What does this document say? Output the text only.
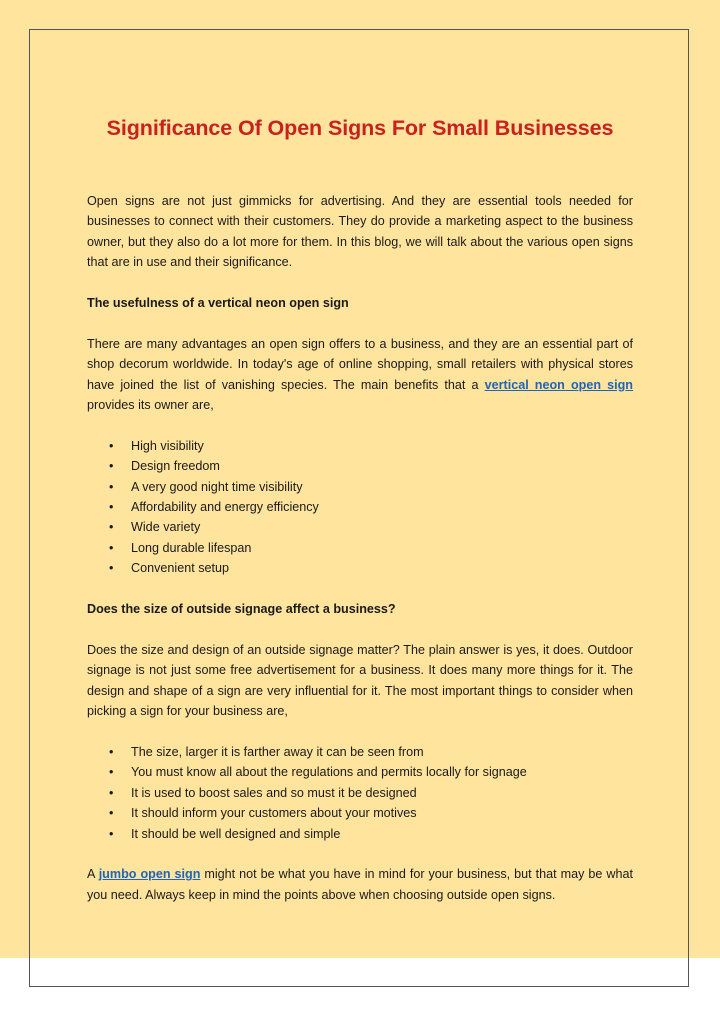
Significance Of Open Signs For Small Businesses

Open signs are not just gimmicks for advertising. And they are essential tools needed for businesses to connect with their customers. They do provide a marketing aspect to the business owner, but they also do a lot more for them. In this blog, we will talk about the various open signs that are in use and their significance.

The usefulness of a vertical neon open sign

There are many advantages an open sign offers to a business, and they are an essential part of shop decorum worldwide. In today's age of online shopping, small retailers with physical stores have joined the list of vanishing species. The main benefits that a vertical neon open sign provides its owner are,

• High visibility
• Design freedom
• A very good night time visibility
• Affordability and energy efficiency
• Wide variety
• Long durable lifespan
• Convenient setup

Does the size of outside signage affect a business?

Does the size and design of an outside signage matter? The plain answer is yes, it does. Outdoor signage is not just some free advertisement for a business. It does many more things for it. The design and shape of a sign are very influential for it. The most important things to consider when picking a sign for your business are,

• The size, larger it is farther away it can be seen from
• You must know all about the regulations and permits locally for signage
• It is used to boost sales and so must it be designed
• It should inform your customers about your motives
• It should be well designed and simple

A jumbo open sign might not be what you have in mind for your business, but that may be what you need. Always keep in mind the points above when choosing outside open signs.
